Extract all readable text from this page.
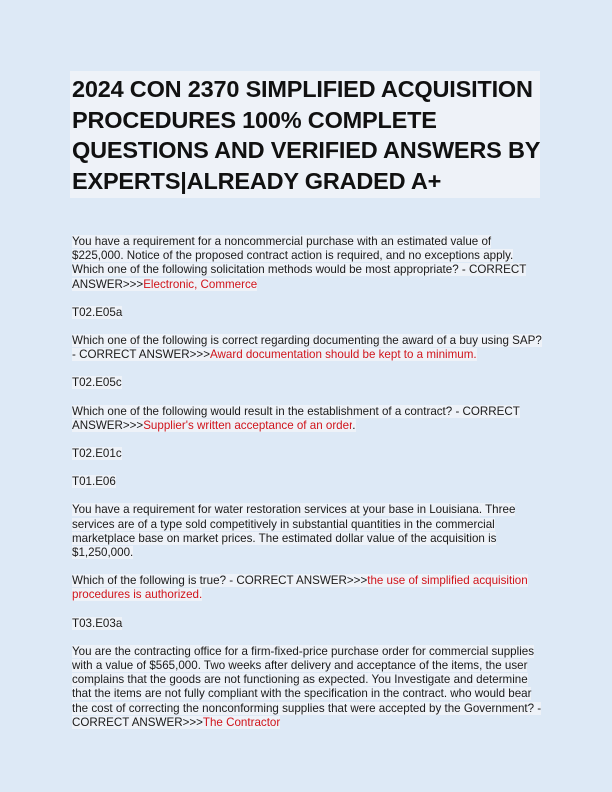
2024 CON 2370 SIMPLIFIED ACQUISITION PROCEDURES 100% COMPLETE QUESTIONS AND VERIFIED ANSWERS BY EXPERTS|ALREADY GRADED A+

You have a requirement for a noncommercial purchase with an estimated value of $225,000. Notice of the proposed contract action is required, and no exceptions apply. Which one of the following solicitation methods would be most appropriate? - CORRECT ANSWER>>>Electronic, Commerce

T02.E05a

Which one of the following is correct regarding documenting the award of a buy using SAP? - CORRECT ANSWER>>>Award documentation should be kept to a minimum.

T02.E05c

Which one of the following would result in the establishment of a contract? - CORRECT ANSWER>>>Supplier's written acceptance of an order.

T02.E01c

T01.E06

You have a requirement for water restoration services at your base in Louisiana. Three services are of a type sold competitively in substantial quantities in the commercial marketplace base on market prices. The estimated dollar value of the acquisition is $1,250,000.

Which of the following is true? - CORRECT ANSWER>>>the use of simplified acquisition procedures is authorized.

T03.E03a

You are the contracting office for a firm-fixed-price purchase order for commercial supplies with a value of $565,000. Two weeks after delivery and acceptance of the items, the user complains that the goods are not functioning as expected. You Investigate and determine that the items are not fully compliant with the specification in the contract. who would bear the cost of correcting the nonconforming supplies that were accepted by the Government? - CORRECT ANSWER>>>The Contractor
